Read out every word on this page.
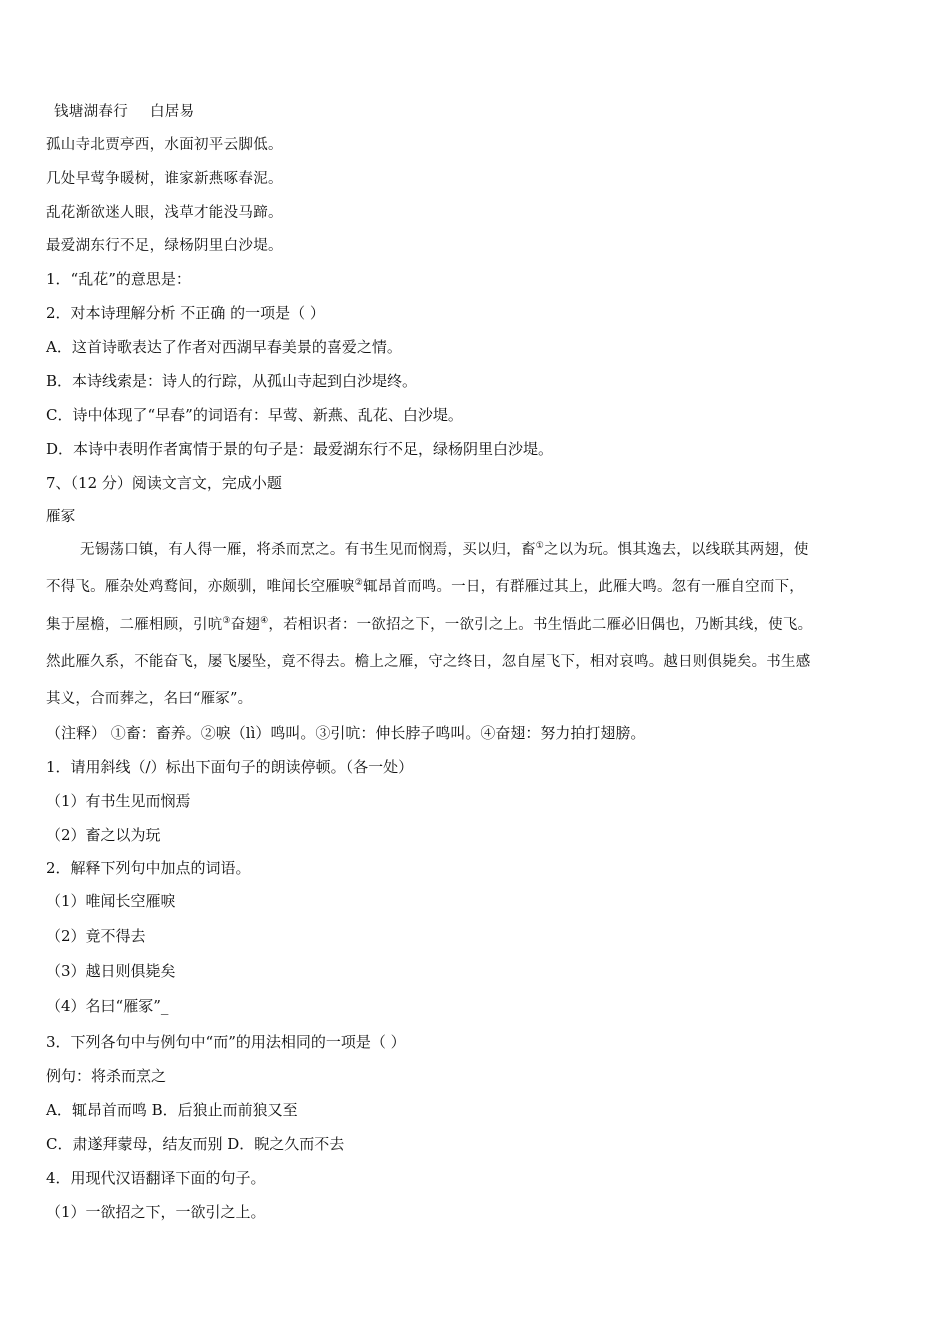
钱塘湖春行 白居易
孤山寺北贾亭西，水面初平云脚低。
几处早莺争暖树，谁家新燕啄春泥。
乱花渐欲迷人眼，浅草才能没马蹄。
最爱湖东行不足，绿杨阴里白沙堤。
1．“乱花”的意思是：
2．对本诗理解分析 不正确 的一项是（ ）
A．这首诗歌表达了作者对西湖早春美景的喜爱之情。
B．本诗线索是：诗人的行踪，从孤山寺起到白沙堤终。
C．诗中体现了“早春”的词语有：早莺、新燕、乱花、白沙堤。
D．本诗中表明作者寓情于景的句子是：最爱湖东行不足，绿杨阴里白沙堤。
7、（12 分）阅读文言文，完成小题
雁冢
无锡荡口镇，有人得一雁，将杀而烹之。有书生见而悯焉，买以归，畜①之以为玩。惧其逸去，以线联其两翅，使
不得飞。雁杂处鸡鹜间，亦颇驯，唯闻长空雁唳②辄昂首而鸣。一日，有群雁过其上，此雁大鸣。忽有一雁自空而下，
集于屋檐，二雁相顾，引吭③奋翅④，若相识者：一欲招之下，一欲引之上。书生悟此二雁必旧偶也，乃断其线，使飞。
然此雁久系，不能奋飞，屡飞屡坠，竟不得去。檐上之雁，守之终日，忽自屋飞下，相对哀鸣。越日则俱毙矣。书生感
其义，合而葬之，名曰“雁冢”。
（注释） ①畜：畜养。②唳（lì）鸣叫。③引吭：伸长脖子鸣叫。④奋翅：努力拍打翅膀。
1．请用斜线（/）标出下面句子的朗读停顿。（各一处）
（1）有书生见而悯焉
（2）畜之以为玩
2．解释下列句中加点的词语。
（1）唯闻长空雁唳
（2）竟不得去
（3）越日则俱毙矣
（4）名曰“雁冢”_
3．下列各句中与例句中“而”的用法相同的一项是（ ）
例句：将杀而烹之
A．辄昂首而鸣 B．后狼止而前狼又至
C．肃遂拜蒙母，结友而别 D．睨之久而不去
4．用现代汉语翻译下面的句子。
（1）一欲招之下，一欲引之上。
